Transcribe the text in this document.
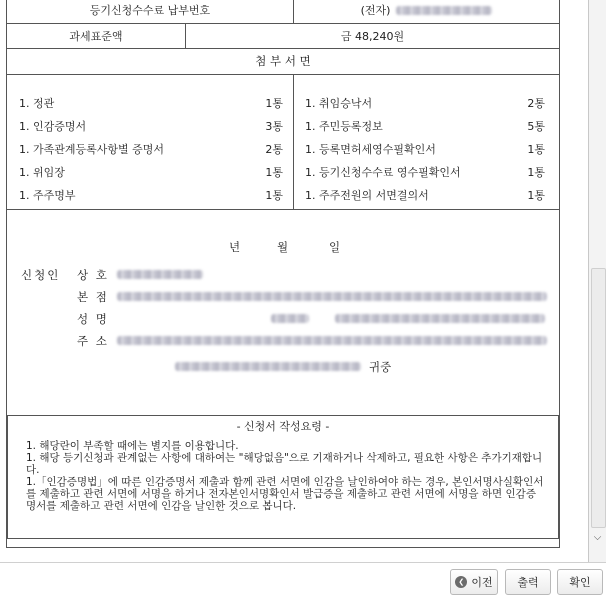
등기신청수수료 납부번호	(전자)
과세표준액	금 48,240원
첨 부 서 면
1. 정관	1통
1. 인감증명서	3통
1. 가족관계등록사항별 증명서	2통
1. 위임장	1통
1. 주주명부	1통
1. 취임승낙서	2통
1. 주민등록정보	5통
1. 등록면허세영수필확인서	1통
1. 등기신청수수료 영수필확인서	1통
1. 주주전원의 서면결의서	1통
년	월	일
신청인 상 호
본 점
성 명
주 소
귀중
- 신청서 작성요령 -
1. 해당란이 부족할 때에는 별지를 이용합니다.
1. 해당 등기신청과 관계없는 사항에 대하여는 "해당없음"으로 기재하거나 삭제하고, 필요한 사항은 추가기재합니다.
1.「인감증명법」에 따른 인감증명서 제출과 함께 관련 서면에 인감을 날인하여야 하는 경우, 본인서명사실확인서를 제출하고 관련 서면에 서명을 하거나 전자본인서명확인서 발급증을 제출하고 관련 서면에 서명을 하면 인감증명서를 제출하고 관련 서면에 인감을 날인한 것으로 봅니다.
⌵
❮ 이전 출력	확인
